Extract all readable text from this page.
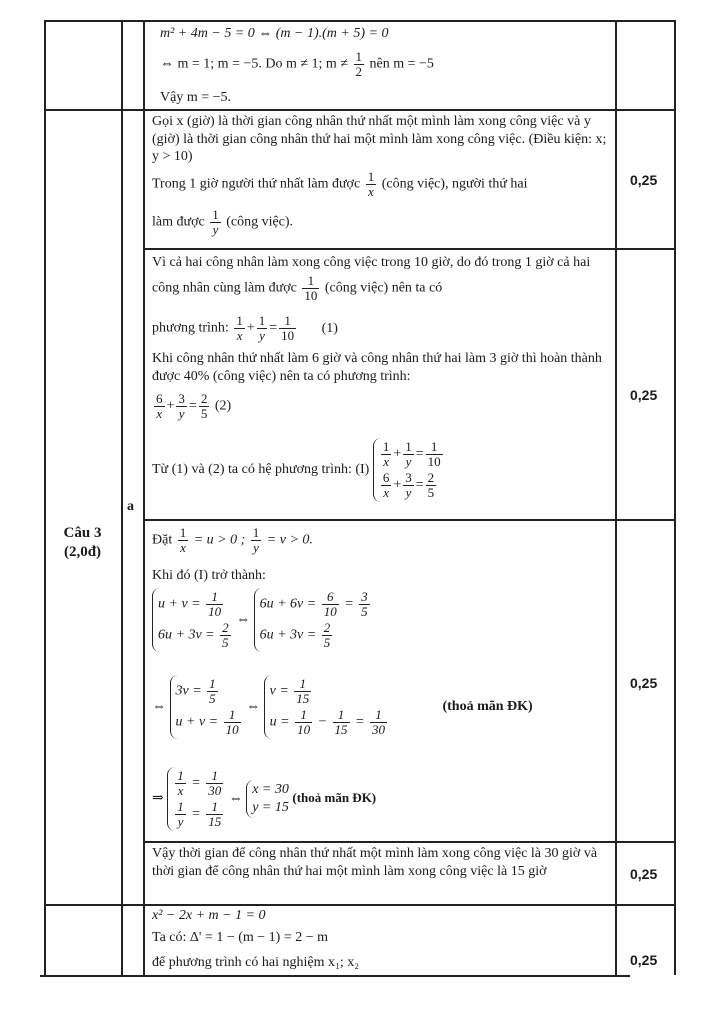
Câu 3
(2,0đ)
a
0,25
0,25
0,25
0,25
0,25
m² + 4m − 5 = 0 ⇔ (m − 1).(m + 5) = 0
⇔ m = 1; m = −5. Do m ≠ 1; $m \ne \frac{1}{2}$ nên m = −5
Vậy m = −5.
Gọi x (giờ) là thời gian công nhân thứ nhất một mình làm xong công việc và y (giờ) là thời gian công nhân thứ hai một mình làm xong công việc. (Điều kiện: x; y > 10)
Trong 1 giờ người thứ nhất làm được $\frac{1}{x}$ (công việc), người thứ hai
làm được $\frac{1}{y}$ (công việc).
Vì cả hai công nhân làm xong công việc trong 10 giờ, do đó trong 1 giờ cả hai công nhân cùng làm được $\frac{1}{10}$ (công việc) nên ta có
phương trình: $\frac{1}{x} + \frac{1}{y} = \frac{1}{10} (1)$
Khi công nhân thứ nhất làm 6 giờ và công nhân thứ hai làm 3 giờ thì hoàn thành được 40% (công việc) nên ta có phương trình:
$\frac{6}{x} + \frac{3}{y} = \frac{2}{5} (2)$
Từ (1) và (2) ta có hệ phương trình: (I)
$\frac{1}{x} + \frac{1}{y} = \frac{1}{10}$
$\frac{6}{x} + \frac{3}{y} = \frac{2}{5}$
Đặt $\frac{1}{x} = u > 0$ ; $\frac{1}{y} = v > 0$.
Khi đó (I) trở thành:
$u + v = \frac{1}{10}$
$6u + 3v = \frac{2}{5}$
⇔
$6u + 6v = \frac{6}{10} = \frac{3}{5}$
$6u + 3v = \frac{2}{5}$
⇔
$3v = \frac{1}{5}$
$u + v = \frac{1}{10}$
⇔
$v = \frac{1}{15}$
$u = \frac{1}{10} - \frac{1}{15} = \frac{1}{30}$
(thoả mãn ĐK)
⇒
$\frac{1}{x} = \frac{1}{30}$
$\frac{1}{y} = \frac{1}{15}$
⇔
x = 30
y = 15
(thoả mãn ĐK)
Vậy thời gian để công nhân thứ nhất một mình làm xong công việc là 30 giờ và thời gian để công nhân thứ hai một mình làm xong công việc là 15 giờ
x² − 2x + m − 1 = 0
Ta có: Δ' = 1 − (m − 1) = 2 − m
để phương trình có hai nghiệm x₁; x₂
